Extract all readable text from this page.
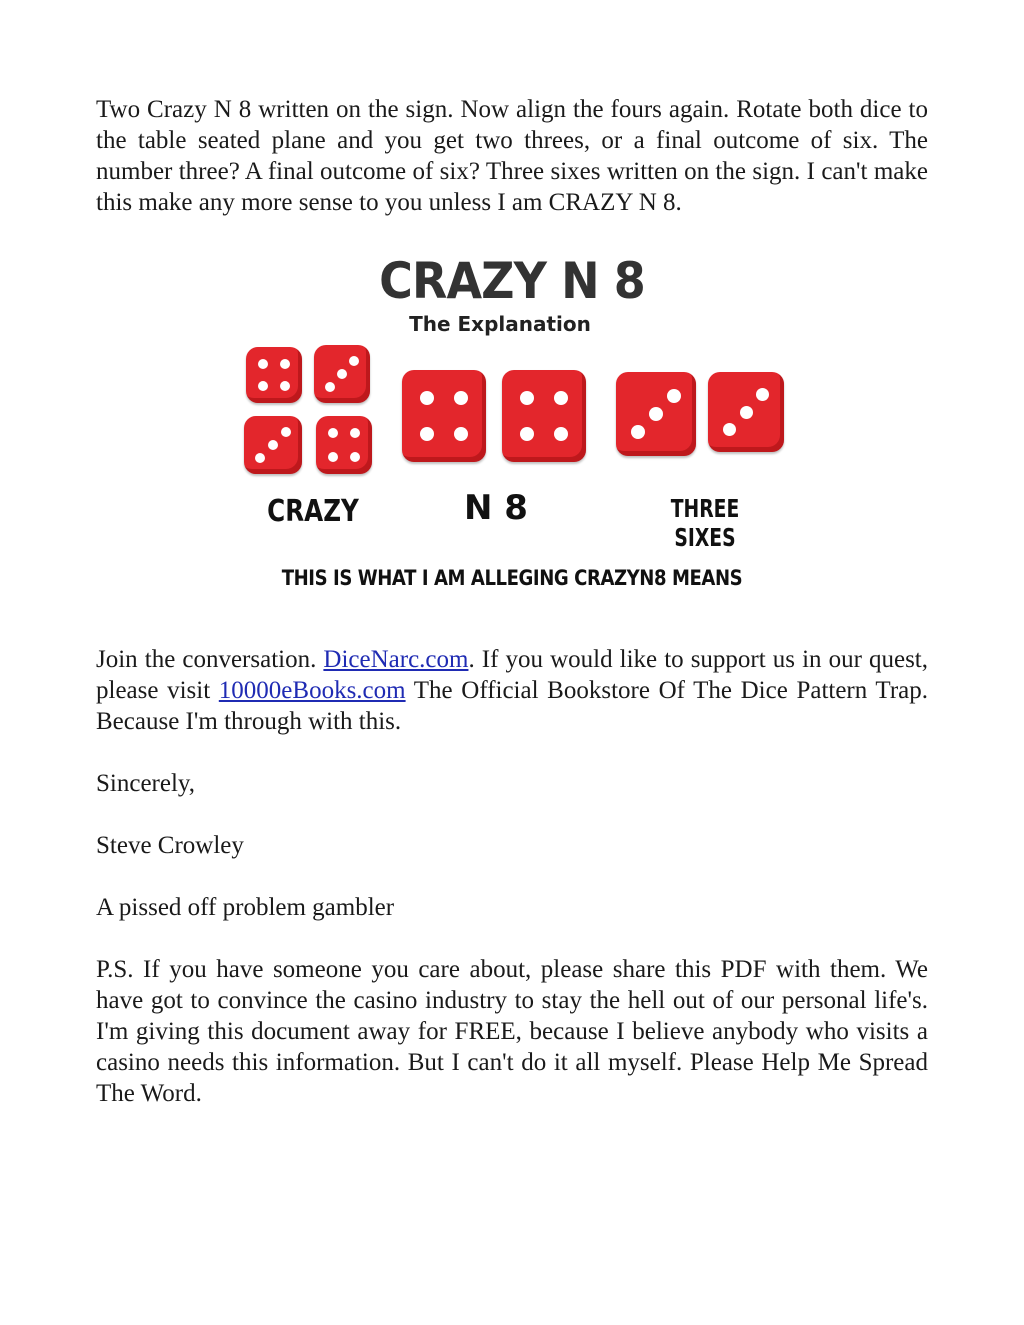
Two Crazy N 8 written on the sign. Now align the fours again. Rotate both dice to the table seated plane and you get two threes, or a final outcome of six. The number three? A final outcome of six? Three sixes written on the sign. I can't make this make any more sense to you unless I am CRAZY N 8.

CRAZY N 8
The Explanation
CRAZY	N 8	THREE SIXES
THIS IS WHAT I AM ALLEGING CRAZYN8 MEANS

Join the conversation. DiceNarc.com. If you would like to support us in our quest, please visit 10000eBooks.com The Official Bookstore Of The Dice Pattern Trap. Because I'm through with this.

Sincerely,

Steve Crowley

A pissed off problem gambler

P.S. If you have someone you care about, please share this PDF with them. We have got to convince the casino industry to stay the hell out of our personal life's. I'm giving this document away for FREE, because I believe anybody who visits a casino needs this information. But I can't do it all myself. Please Help Me Spread The Word.
